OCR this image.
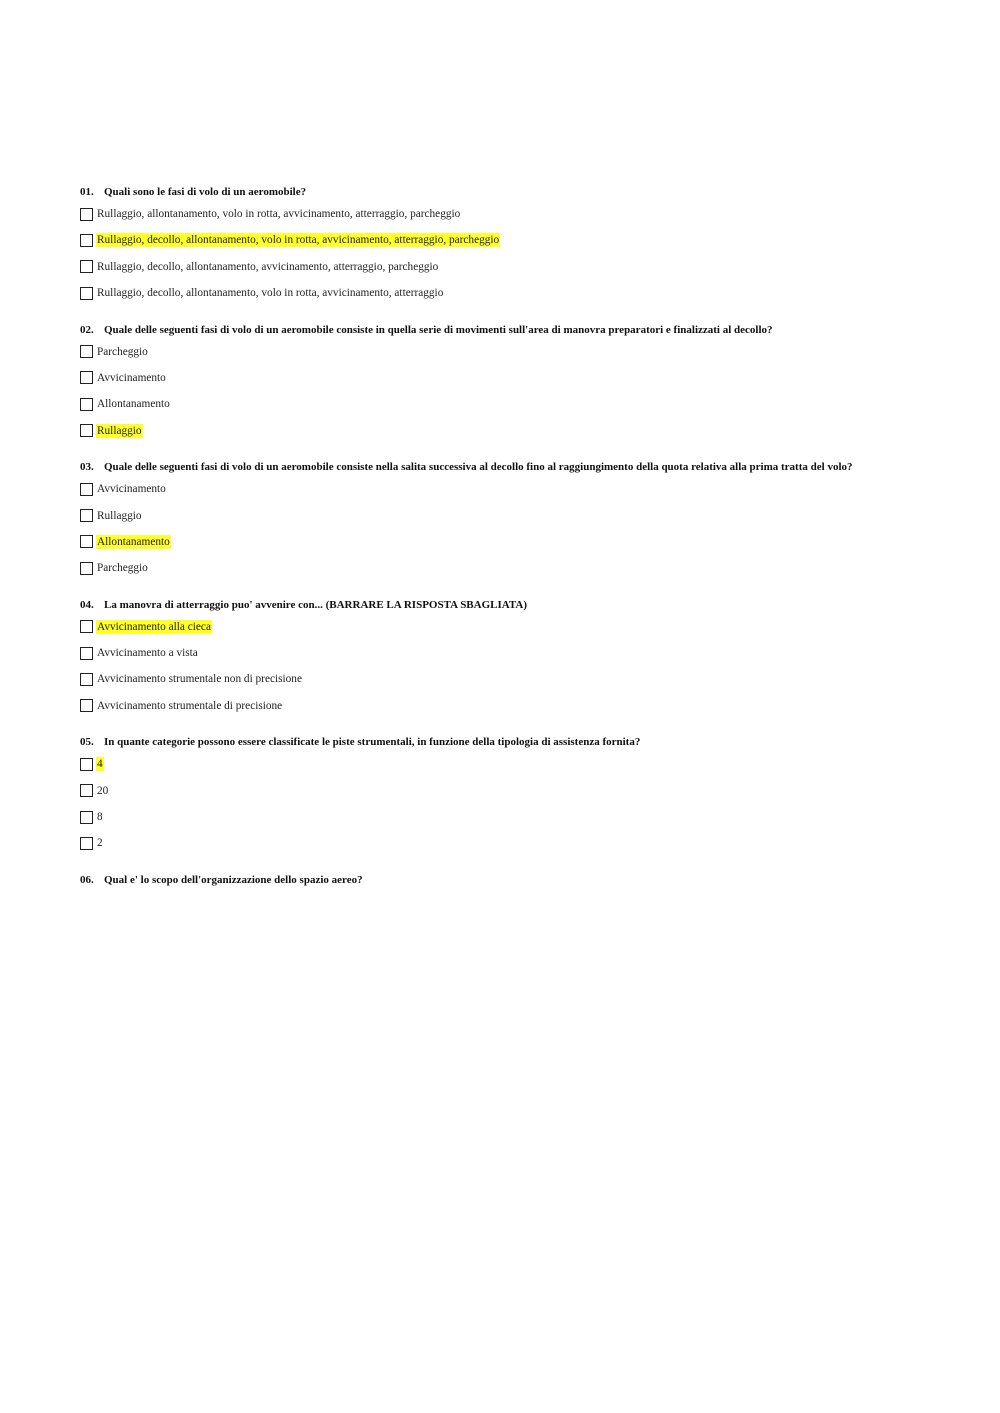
01. Quali sono le fasi di volo di un aeromobile?

Rullaggio, allontanamento, volo in rotta, avvicinamento, atterraggio, parcheggio
Rullaggio, decollo, allontanamento, volo in rotta, avvicinamento, atterraggio, parcheggio
Rullaggio, decollo, allontanamento, avvicinamento, atterraggio, parcheggio
Rullaggio, decollo, allontanamento, volo in rotta, avvicinamento, atterraggio

02. Quale delle seguenti fasi di volo di un aeromobile consiste in quella serie di movimenti sull'area di manovra preparatori e finalizzati al decollo?

Parcheggio
Avvicinamento
Allontanamento
Rullaggio

03. Quale delle seguenti fasi di volo di un aeromobile consiste nella salita successiva al decollo fino al raggiungimento della quota relativa alla prima tratta del volo?

Avvicinamento
Rullaggio
Allontanamento
Parcheggio

04. La manovra di atterraggio puo' avvenire con... (BARRARE LA RISPOSTA SBAGLIATA)

Avvicinamento alla cieca
Avvicinamento a vista
Avvicinamento strumentale non di precisione
Avvicinamento strumentale di precisione

05. In quante categorie possono essere classificate le piste strumentali, in funzione della tipologia di assistenza fornita?

4
20
8
2

06. Qual e' lo scopo dell'organizzazione dello spazio aereo?
